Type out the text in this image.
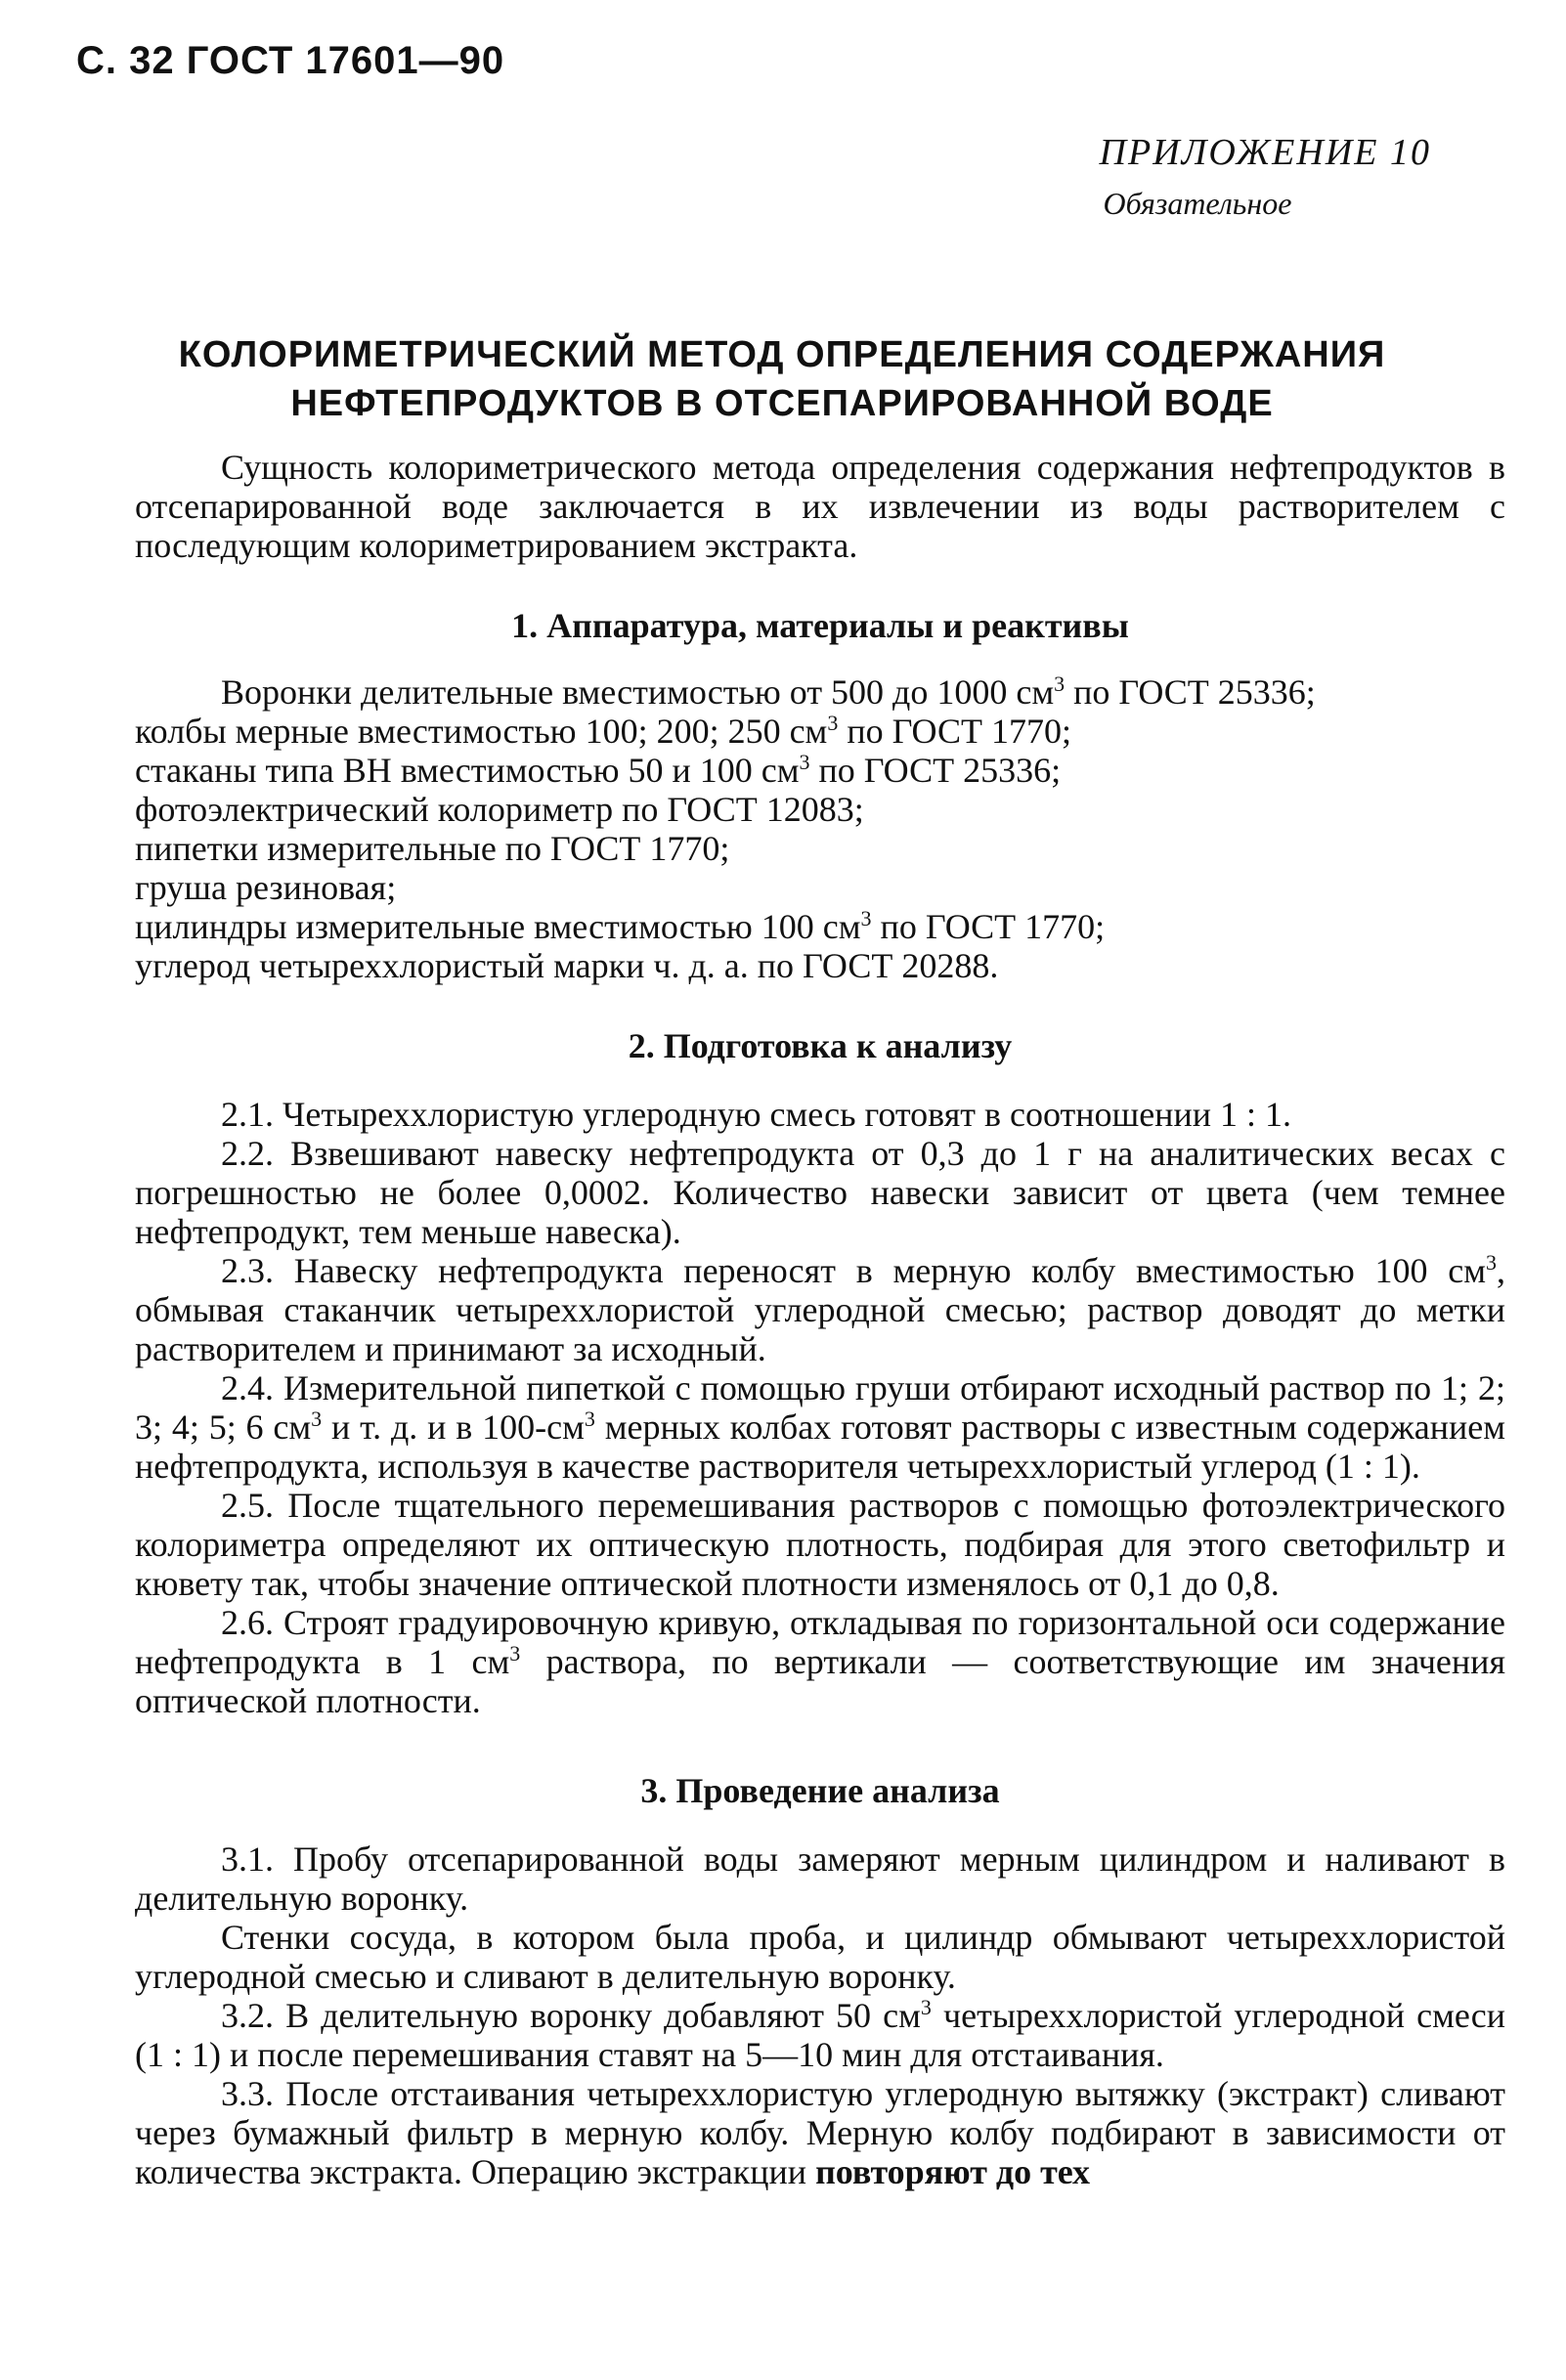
С. 32 ГОСТ 17601—90
ПРИЛОЖЕНИЕ 10
Обязательное
КОЛОРИМЕТРИЧЕСКИЙ МЕТОД ОПРЕДЕЛЕНИЯ СОДЕРЖАНИЯ
НЕФТЕПРОДУКТОВ В ОТСЕПАРИРОВАННОЙ ВОДЕ

Сущность колориметрического метода определения содержания нефтепродуктов в отсепарированной воде заключается в их извлечении из воды растворителем с последующим колориметрированием экстракта.

1. Аппаратура, материалы и реактивы
Воронки делительные вместимостью от 500 до 1000 $см^3$ по ГОСТ 25336;
колбы мерные вместимостью 100; 200; 250 $см^3$ по ГОСТ 1770;
стаканы типа ВН вместимостью 50 и 100 $см^3$ по ГОСТ 25336;
фотоэлектрический колориметр по ГОСТ 12083;
пипетки измерительные по ГОСТ 1770;
груша резиновая;
цилиндры измерительные вместимостью 100 $см^3$ по ГОСТ 1770;
углерод четыреххлористый марки ч. д. а. по ГОСТ 20288.
2. Подготовка к анализу

2.1. Четыреххлористую углеродную смесь готовят в соотношении 1 : 1.

2.2. Взвешивают навеску нефтепродукта от 0,3 до 1 г на аналитических весах с погрешностью не более 0,0002. Количество навески зависит от цвета (чем темнее нефтепродукт, тем меньше навеска).

2.3. Навеску нефтепродукта переносят в мерную колбу вместимостью 100 $см^3$, обмывая стаканчик четыреххлористой углеродной смесью; раствор доводят до метки растворителем и принимают за исходный.

2.4. Измерительной пипеткой с помощью груши отбирают исходный раствор по 1; 2; 3; 4; 5; 6 $см^3$ и т. д. и в $100-см^3$ мерных колбах готовят растворы с известным содержанием нефтепродукта, используя в качестве растворителя четыреххлористый углерод (1 : 1).

2.5. После тщательного перемешивания растворов с помощью фотоэлектрического колориметра определяют их оптическую плотность, подбирая для этого светофильтр и кювету так, чтобы значение оптической плотности изменялось от 0,1 до 0,8.

2.6. Строят градуировочную кривую, откладывая по горизонтальной оси содержание нефтепродукта в 1 $см^3$ раствора, по вертикали — соответствующие им значения оптической плотности.

3. Проведение анализа

3.1. Пробу отсепарированной воды замеряют мерным цилиндром и наливают в делительную воронку.

Стенки сосуда, в котором была проба, и цилиндр обмывают четыреххлористой углеродной смесью и сливают в делительную воронку.

3.2. В делительную воронку добавляют 50 $см^3$ четыреххлористой углеродной смеси (1 : 1) и после перемешивания ставят на 5—10 мин для отстаивания.

3.3. После отстаивания четыреххлористую углеродную вытяжку (экстракт) сливают через бумажный фильтр в мерную колбу. Мерную колбу подбирают в зависимости от количества экстракта. Операцию экстракции повторяют до тех
